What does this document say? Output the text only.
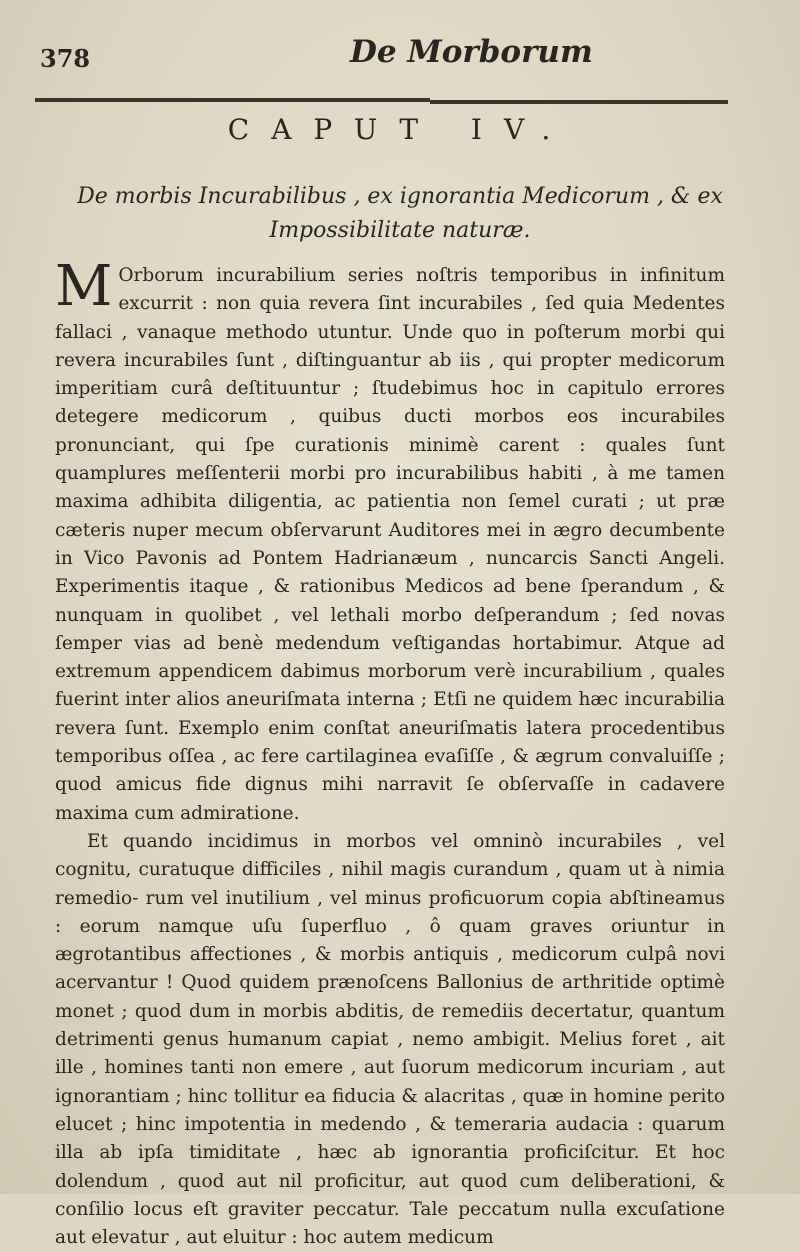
378	De Morborum
CAPUT IV.
De morbis Incurabilibus , ex ignorantia Medicorum , & ex Impossibilitate naturæ.

M Orborum incurabilium series noſtris temporibus in infinitum excurrit : non quia revera ſint incurabiles , ſed quia Medentes fallaci , vanaque methodo utuntur. Unde quo in poſterum morbi qui revera incurabiles ſunt , diſtinguantur ab iis , qui propter medicorum imperitiam curâ deſtituuntur ; ſtudebimus hoc in capitulo errores detegere medicorum , quibus ducti morbos eos incurabiles pronunciant, qui ſpe curationis minimè carent : quales ſunt quamplures meſſenterii morbi pro incurabilibus habiti , à me tamen maxima adhibita diligentia, ac patientia non ſemel curati ; ut præ cæteris nuper mecum obſervarunt Auditores mei in ægro decumbente in Vico Pavonis ad Pontem Hadrianæum , nuncarcis Sancti Angeli. Experimentis itaque , & rationibus Medicos ad bene ſperandum , & nunquam in quolibet , vel lethali morbo deſperandum ; ſed novas ſemper vias ad benè medendum veſtigandas hortabimur. Atque ad extremum appendicem dabimus morborum verè incurabilium , quales fuerint inter alios aneuriſmata interna ; Etſi ne quidem hæc incurabilia revera ſunt. Exemplo enim conſtat aneuriſmatis latera procedentibus temporibus oſſea , ac fere cartilaginea evaſiſſe , & ægrum convaluiſſe ; quod amicus fide dignus mihi narravit ſe obſervaſſe in cadavere maxima cum admiratione.

Et quando incidimus in morbos vel omninò incurabiles , vel cognitu, curatuque difficiles , nihil magis curandum , quam ut à nimia remedio- rum vel inutilium , vel minus proficuorum copia abſtineamus : eorum namque uſu ſuperfluo , ô quam graves oriuntur in ægrotantibus affectiones , & morbis antiquis , medicorum culpâ novi acervantur ! Quod quidem prænoſcens Ballonius de arthritide optimè monet ; quod dum in morbis abditis, de remediis decertatur, quantum detrimenti genus humanum capiat , nemo ambigit. Melius foret , ait ille , homines tanti non emere , aut ſuorum medicorum incuriam , aut ignorantiam ; hinc tollitur ea fiducia & alacritas , quæ in homine perito elucet ; hinc impotentia in medendo , & temeraria audacia : quarum illa ab ipſa timiditate , hæc ab ignorantia proficiſcitur. Et hoc dolendum , quod aut nil proficitur, aut quod cum deliberationi, & conſilio locus eſt graviter peccatur. Tale peccatum nulla excuſatione aut elevatur , aut eluitur : hoc autem medicum
